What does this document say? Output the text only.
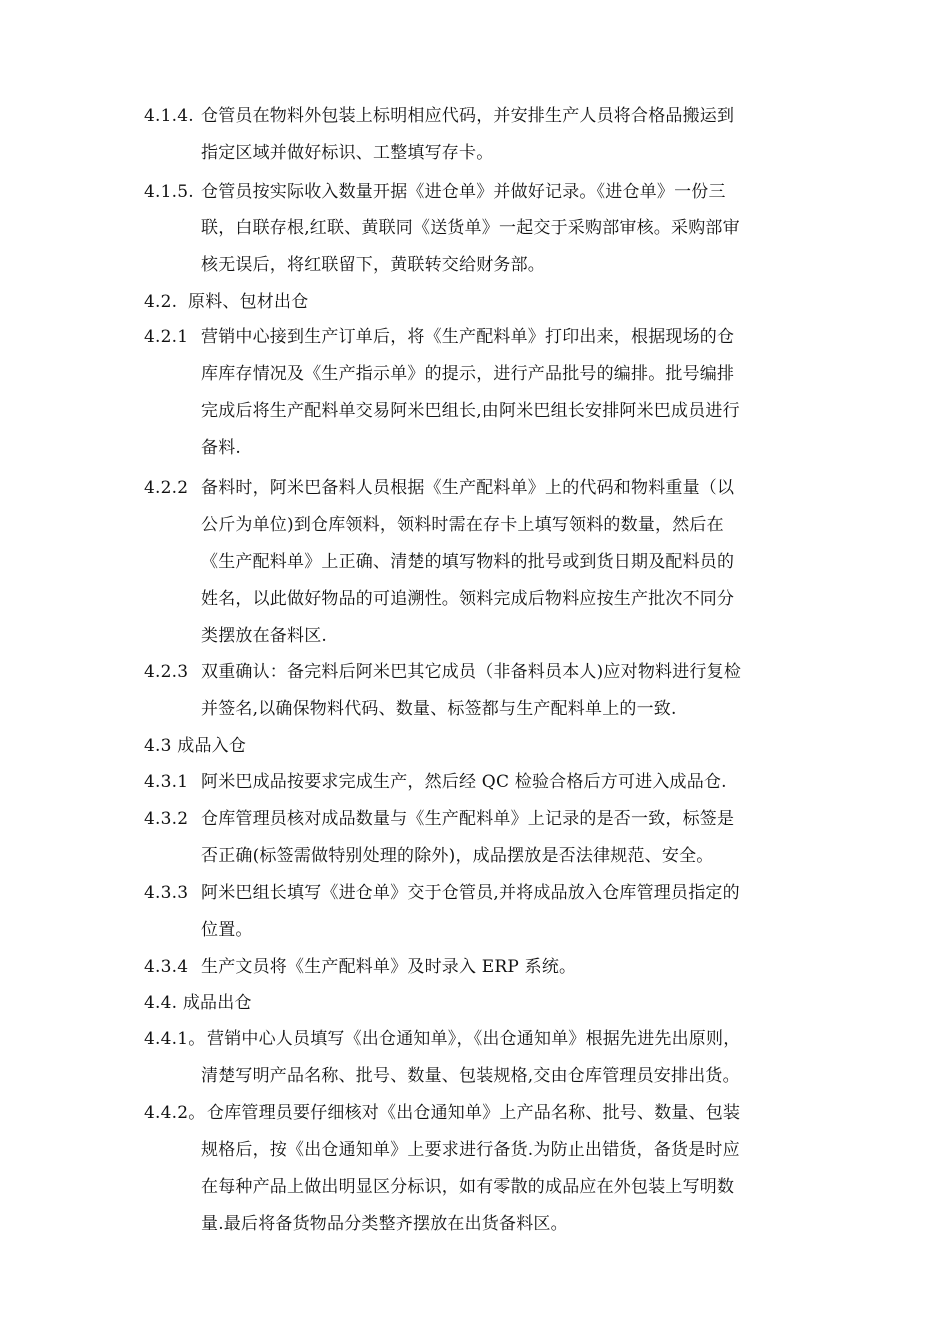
4.1.4. 仓管员在物料外包装上标明相应代码，并安排生产人员将合格品搬运到
指定区域并做好标识、工整填写存卡。
4.1.5. 仓管员按实际收入数量开据《进仓单》并做好记录。《进仓单》一份三
联，白联存根,红联、黄联同《送货单》一起交于采购部审核。采购部审
核无误后，将红联留下，黄联转交给财务部。
4.2. 原料、包材出仓
4.2.1 营销中心接到生产订单后，将《生产配料单》打印出来，根据现场的仓
库库存情况及《生产指示单》的提示，进行产品批号的编排。批号编排
完成后将生产配料单交易阿米巴组长,由阿米巴组长安排阿米巴成员进行
备料.
4.2.2 备料时，阿米巴备料人员根据《生产配料单》上的代码和物料重量（以
公斤为单位)到仓库领料，领料时需在存卡上填写领料的数量，然后在
《生产配料单》上正确、清楚的填写物料的批号或到货日期及配料员的
姓名，以此做好物品的可追溯性。领料完成后物料应按生产批次不同分
类摆放在备料区.
4.2.3 双重确认：备完料后阿米巴其它成员（非备料员本人)应对物料进行复检
并签名,以确保物料代码、数量、标签都与生产配料单上的一致.
4.3 成品入仓
4.3.1 阿米巴成品按要求完成生产，然后经 QC 检验合格后方可进入成品仓.
4.3.2 仓库管理员核对成品数量与《生产配料单》上记录的是否一致，标签是
否正确(标签需做特别处理的除外)，成品摆放是否法律规范、安全。
4.3.3 阿米巴组长填写《进仓单》交于仓管员,并将成品放入仓库管理员指定的
位置。
4.3.4 生产文员将《生产配料单》及时录入 ERP 系统。
4.4. 成品出仓
4.4.1。 营销中心人员填写《出仓通知单》，《出仓通知单》根据先进先出原则，
清楚写明产品名称、批号、数量、包装规格,交由仓库管理员安排出货。
4.4.2。 仓库管理员要仔细核对《出仓通知单》上产品名称、批号、数量、包装
规格后，按《出仓通知单》上要求进行备货.为防止出错货，备货是时应
在每种产品上做出明显区分标识，如有零散的成品应在外包装上写明数
量.最后将备货物品分类整齐摆放在出货备料区。
